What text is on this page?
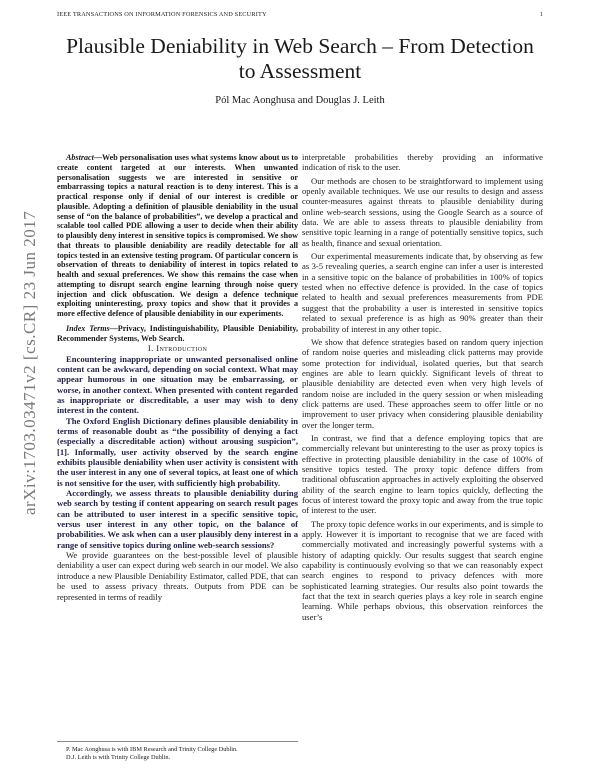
IEEE TRANSACTIONS ON INFORMATION FORENSICS AND SECURITY	1
Plausible Deniability in Web Search – From Detection to Assessment
Pól Mac Aonghusa and Douglas J. Leith
arXiv:1703.03471v2 [cs.CR] 23 Jun 2017

Abstract—Web personalisation uses what systems know about us to create content targeted at our interests. When unwanted personalisation suggests we are interested in sensitive or embarrassing topics a natural reaction is to deny interest. This is a practical response only if denial of our interest is credible or plausible. Adopting a definition of plausible deniability in the usual sense of “on the balance of probabilities”, we develop a practical and scalable tool called PDE allowing a user to decide when their ability to plausibly deny interest in sensitive topics is compromised. We show that threats to plausible deniability are readily detectable for all topics tested in an extensive testing program. Of particular concern is observation of threats to deniability of interest in topics related to health and sexual preferences. We show this remains the case when attempting to disrupt search engine learning through noise query injection and click obfuscation. We design a defence technique exploiting uninteresting, proxy topics and show that it provides a more effective defence of plausible deniability in our experiments.

Index Terms—Privacy, Indistinguishability, Plausible Deniability, Recommender Systems, Web Search.

I. Introduction

Encountering inappropriate or unwanted personalised online content can be awkward, depending on social context. What may appear humorous in one situation may be embarrassing, or worse, in another context. When presented with content regarded as inappropriate or discreditable, a user may wish to deny interest in the content.

The Oxford English Dictionary defines plausible deniability in terms of reasonable doubt as “the possibility of denying a fact (especially a discreditable action) without arousing suspicion”, [1]. Informally, user activity observed by the search engine exhibits plausible deniability when user activity is consistent with the user interest in any one of several topics, at least one of which is not sensitive for the user, with sufficiently high probability.

Accordingly, we assess threats to plausible deniability during web search by testing if content appearing on search result pages can be attributed to user interest in a specific sensitive topic, versus user interest in any other topic, on the balance of probabilities. We ask when can a user plausibly deny interest in a range of sensitive topics during online web-search sessions?

We provide guarantees on the best-possible level of plausible deniability a user can expect during web search in our model. We also introduce a new Plausible Deniability Estimator, called PDE, that can be used to assess privacy threats. Outputs from PDE can be represented in terms of readily

P. Mac Aonghusa is with IBM Research and Trinity College Dublin.
D.J. Leith is with Trinity College Dublin.

interpretable probabilities thereby providing an informative indication of risk to the user.

Our methods are chosen to be straightforward to implement using openly available techniques. We use our results to design and assess counter-measures against threats to plausible deniability during online web-search sessions, using the Google Search as a source of data. We are able to assess threats to plausible deniability from sensitive topic learning in a range of potentially sensitive topics, such as health, finance and sexual orientation.

Our experimental measurements indicate that, by observing as few as 3-5 revealing queries, a search engine can infer a user is interested in a sensitive topic on the balance of probabilities in 100% of topics tested when no effective defence is provided. In the case of topics related to health and sexual preferences measurements from PDE suggest that the probability a user is interested in sensitive topics related to sexual preference is as high as 90% greater than their probability of interest in any other topic.

We show that defence strategies based on random query injection of random noise queries and misleading click patterns may provide some protection for individual, isolated queries, but that search engines are able to learn quickly. Significant levels of threat to plausible deniability are detected even when very high levels of random noise are included in the query session or when misleading click patterns are used. These approaches seem to offer little or no improvement to user privacy when considering plausible deniability over the longer term.

In contrast, we find that a defence employing topics that are commercially relevant but uninteresting to the user as proxy topics is effective in protecting plausible deniability in the case of 100% of sensitive topics tested. The proxy topic defence differs from traditional obfuscation approaches in actively exploiting the observed ability of the search engine to learn topics quickly, deflecting the focus of interest toward the proxy topic and away from the true topic of interest to the user.

The proxy topic defence works in our experiments, and is simple to apply. However it is important to recognise that we are faced with commercially motivated and increasingly powerful systems with a history of adapting quickly. Our results suggest that search engine capability is continuously evolving so that we can reasonably expect search engines to respond to privacy defences with more sophisticated learning strategies. Our results also point towards the fact that the text in search queries plays a key role in search engine learning. While perhaps obvious, this observation reinforces the user’s
